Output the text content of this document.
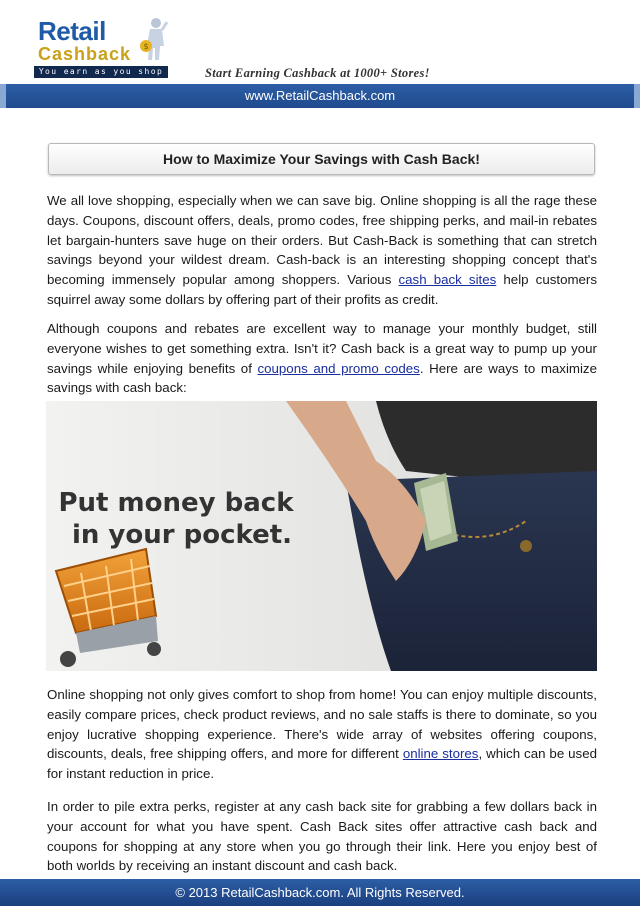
Retail
Cashback $
You earn as you shop	Start Earning Cashback at 1000+ Stores!
www.RetailCashback.com
How to Maximize Your Savings with Cash Back!

We all love shopping, especially when we can save big. Online shopping is all the rage these days. Coupons, discount offers, deals, promo codes, free shipping perks, and mail-in rebates let bargain-hunters save huge on their orders. But Cash-Back is something that can stretch savings beyond your wildest dream. Cash-back is an interesting shopping concept that's becoming immensely popular among shoppers. Various cash back sites help customers squirrel away some dollars by offering part of their profits as credit.

Although coupons and rebates are excellent way to manage your monthly budget, still everyone wishes to get something extra. Isn't it? Cash back is a great way to pump up your savings while enjoying benefits of coupons and promo codes. Here are ways to maximize savings with cash back:

Put money back
in your pocket.

Online shopping not only gives comfort to shop from home! You can enjoy multiple discounts, easily compare prices, check product reviews, and no sale staffs is there to dominate, so you enjoy lucrative shopping experience. There's wide array of websites offering coupons, discounts, deals, free shipping offers, and more for different online stores, which can be used for instant reduction in price.

In order to pile extra perks, register at any cash back site for grabbing a few dollars back in your account for what you have spent. Cash Back sites offer attractive cash back and coupons for shopping at any store when you go through their link. Here you enjoy best of both worlds by receiving an instant discount and cash back.

© 2013 RetailCashback.com. All Rights Reserved.
